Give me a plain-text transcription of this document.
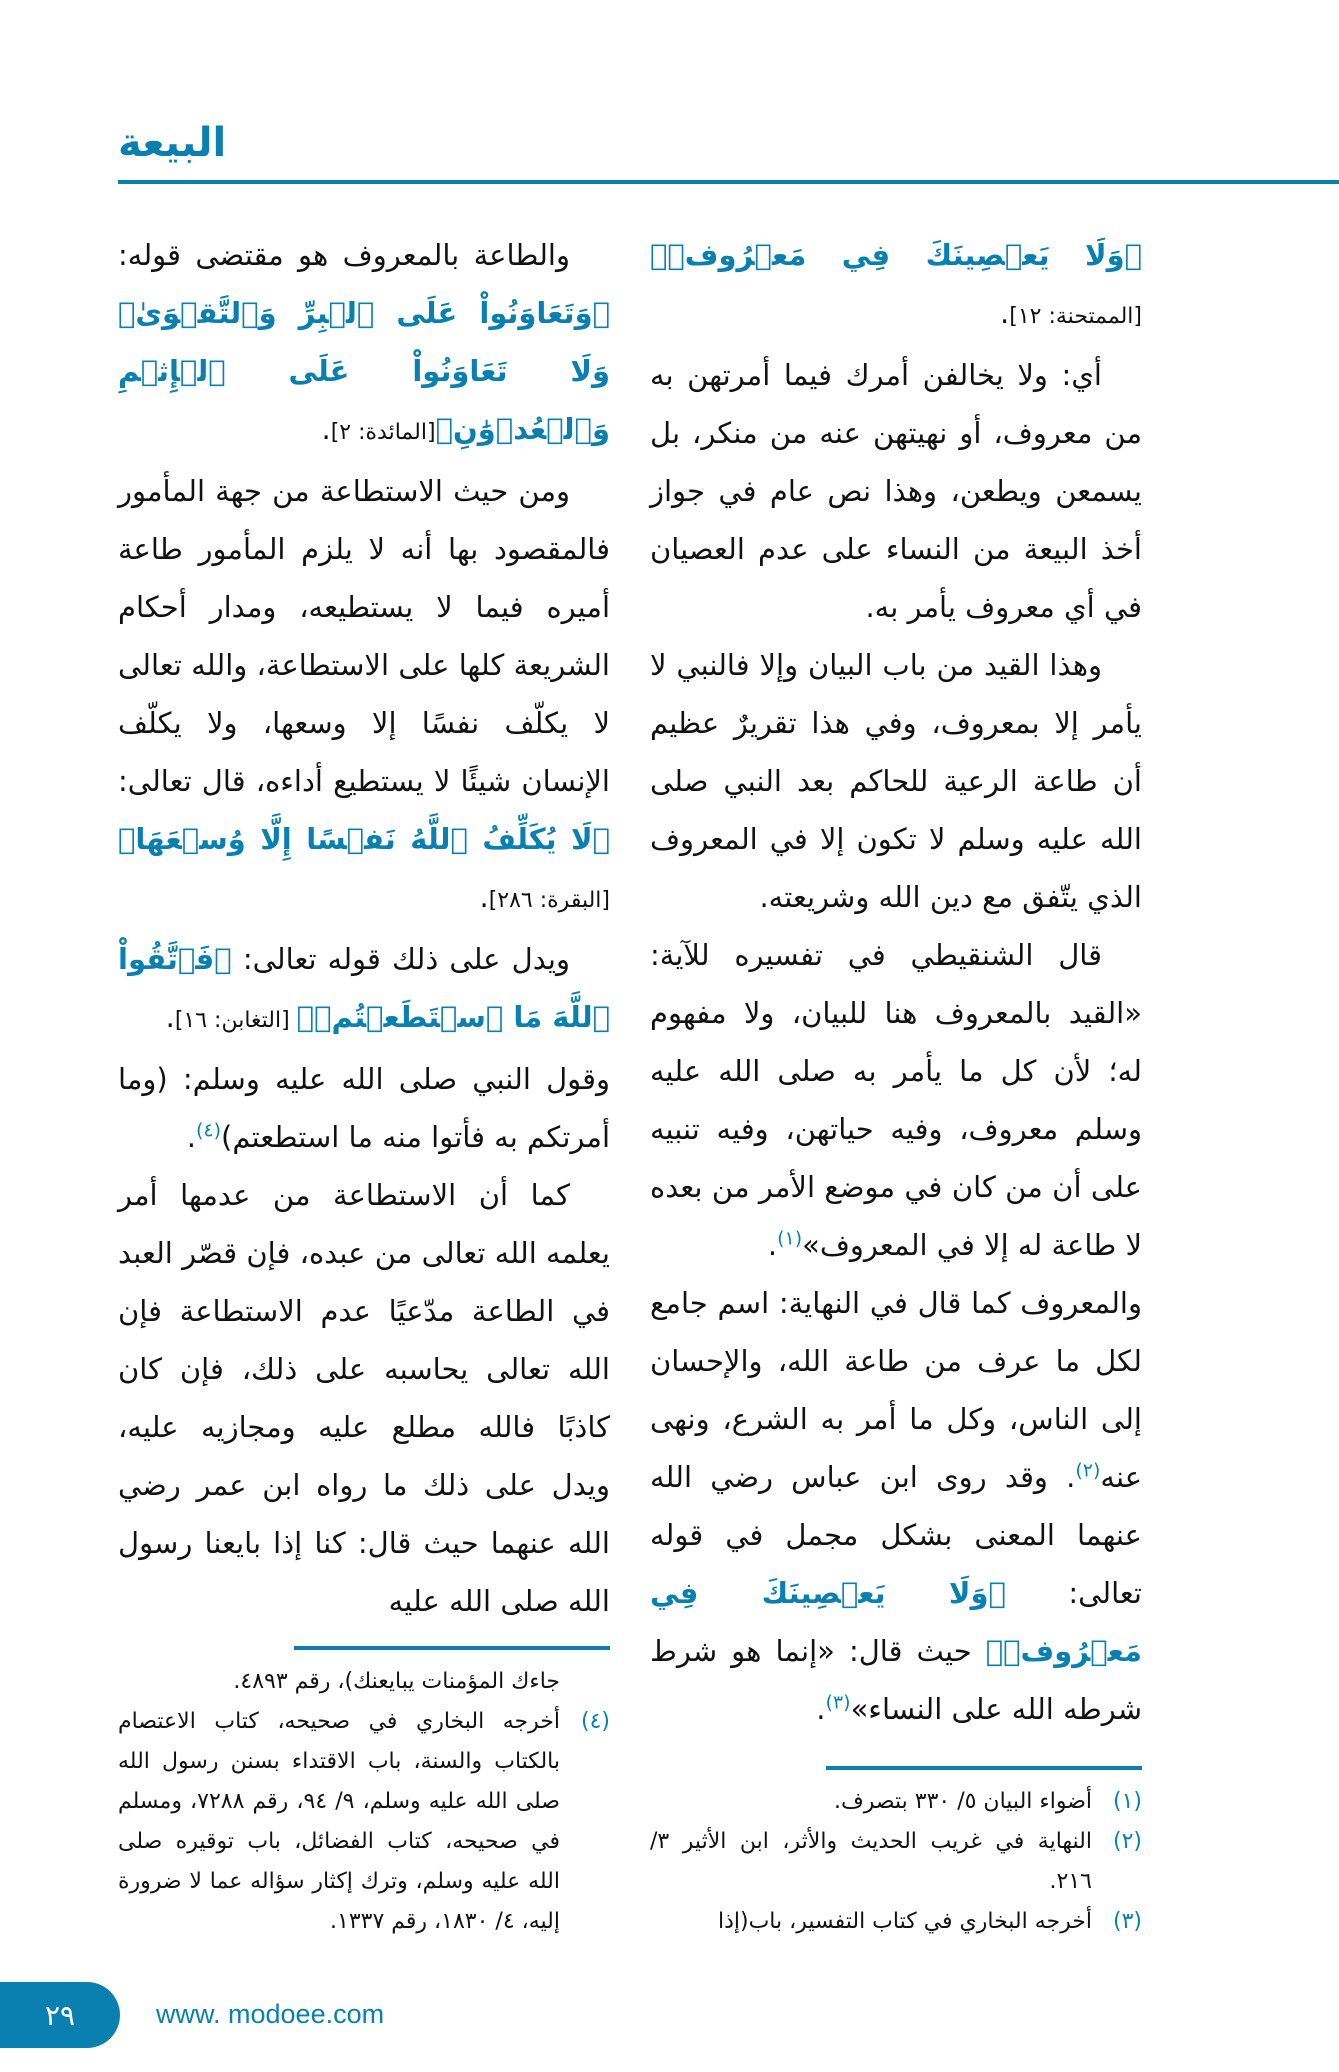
البيعة

﴿وَلَا يَعۡصِينَكَ فِي مَعۡرُوفٖ﴾[الممتحنة: ١٢].

أي: ولا يخالفن أمرك فيما أمرتهن به من معروف، أو نهيتهن عنه من منكر، بل يسمعن ويطعن، وهذا نص عام في جواز أخذ البيعة من النساء على عدم العصيان في أي معروف يأمر به.

وهذا القيد من باب البيان وإلا فالنبي لا يأمر إلا بمعروف، وفي هذا تقريرٌ عظيم أن طاعة الرعية للحاكم بعد النبي صلى الله عليه وسلم لا تكون إلا في المعروف الذي يتّفق مع دين الله وشريعته.

قال الشنقيطي في تفسيره للآية: «القيد بالمعروف هنا للبيان، ولا مفهوم له؛ لأن كل ما يأمر به صلى الله عليه وسلم معروف، وفيه حياتهن، وفيه تنبيه على أن من كان في موضع الأمر من بعده لا طاعة له إلا في المعروف»$^{(١)}$.

والمعروف كما قال في النهاية: اسم جامع لكل ما عرف من طاعة الله، والإحسان إلى الناس، وكل ما أمر به الشرع، ونهى عنه$^{(٢)}$. وقد روى ابن عباس رضي الله عنهما المعنى بشكل مجمل في قوله تعالى: ﴿وَلَا يَعۡصِينَكَ فِي مَعۡرُوفٖ﴾ حيث قال: «إنما هو شرط شرطه الله على النساء»$^{(٣)}$.

(١)
أضواء البيان ٥/ ٣٣٠ بتصرف.
(٢)
النهاية في غريب الحديث والأثر، ابن الأثير ٣/ ٢١٦.
(٣)
أخرجه البخاري في كتاب التفسير، باب(إذا

والطاعة بالمعروف هو مقتضى قوله: ﴿وَتَعَاوَنُواْ عَلَى ٱلۡبِرِّ وَٱلتَّقۡوَىٰۖ وَلَا تَعَاوَنُواْ عَلَى ٱلۡإِثۡمِ وَٱلۡعُدۡوَٰنِ﴾[المائدة: ٢].

ومن حيث الاستطاعة من جهة المأمور فالمقصود بها أنه لا يلزم المأمور طاعة أميره فيما لا يستطيعه، ومدار أحكام الشريعة كلها على الاستطاعة، والله تعالى لا يكلّف نفسًا إلا وسعها، ولا يكلّف الإنسان شيئًا لا يستطيع أداءه، قال تعالى: ﴿لَا يُكَلِّفُ ٱللَّهُ نَفۡسًا إِلَّا وُسۡعَهَا﴾[البقرة: ٢٨٦].

ويدل على ذلك قوله تعالى: ﴿فَٱتَّقُواْ ٱللَّهَ مَا ٱسۡتَطَعۡتُمۡ﴾ [التغابن: ١٦].

وقول النبي صلى الله عليه وسلم: (وما أمرتكم به فأتوا منه ما استطعتم)$^{(٤)}$.

كما أن الاستطاعة من عدمها أمر يعلمه الله تعالى من عبده، فإن قصّر العبد في الطاعة مدّعيًا عدم الاستطاعة فإن الله تعالى يحاسبه على ذلك، فإن كان كاذبًا فالله مطلع عليه ومجازيه عليه، ويدل على ذلك ما رواه ابن عمر رضي الله عنهما حيث قال: كنا إذا بايعنا رسول الله صلى الله عليه

جاءك المؤمنات يبايعنك)، رقم ٤٨٩٣.
(٤)
أخرجه البخاري في صحيحه، كتاب الاعتصام بالكتاب والسنة، باب الاقتداء بسنن رسول الله صلى الله عليه وسلم، ٩/ ٩٤، رقم ٧٢٨٨، ومسلم في صحيحه، كتاب الفضائل، باب توقيره صلى الله عليه وسلم، وترك إكثار سؤاله عما لا ضرورة إليه، ٤/ ١٨٣٠، رقم ١٣٣٧.
٢٩	www. modoee.com
